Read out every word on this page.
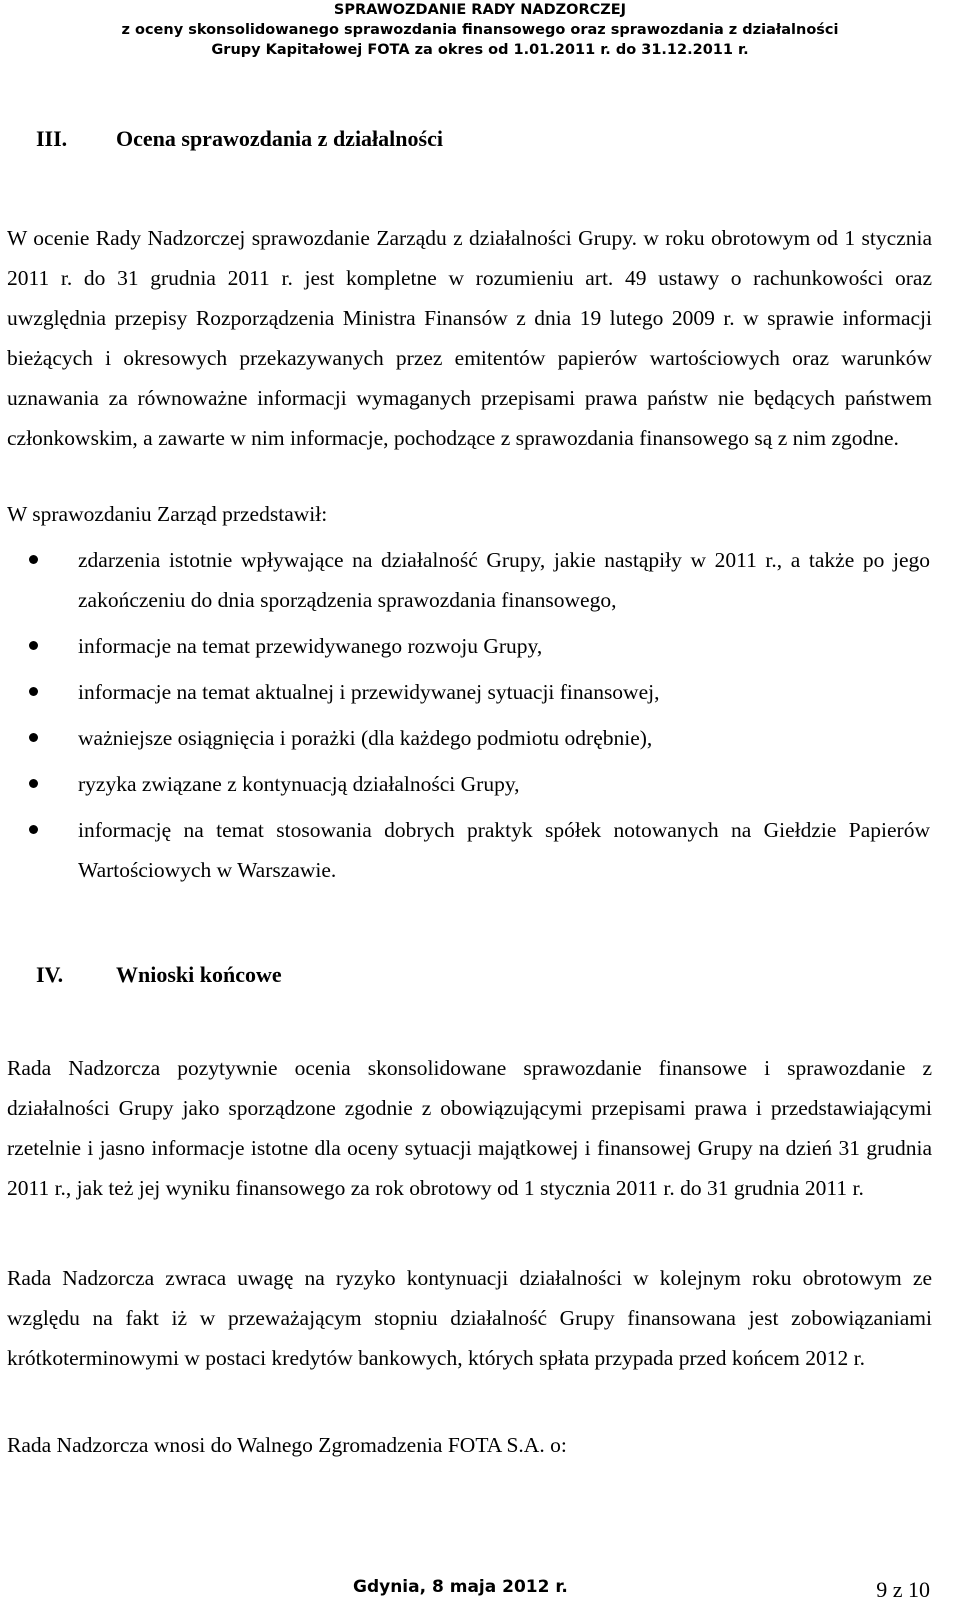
SPRAWOZDANIE RADY NADZORCZEJ
z oceny skonsolidowanego sprawozdania finansowego oraz sprawozdania z działalności
Grupy Kapitałowej FOTA za okres od 1.01.2011 r. do 31.12.2011 r.
III. Ocena sprawozdania z działalności

W ocenie Rady Nadzorczej sprawozdanie Zarządu z działalności Grupy. w roku obrotowym od 1 stycznia 2011 r. do 31 grudnia 2011 r. jest kompletne w rozumieniu art. 49 ustawy o rachunkowości oraz uwzględnia przepisy Rozporządzenia Ministra Finansów z dnia 19 lutego 2009 r. w sprawie informacji bieżących i okresowych przekazywanych przez emitentów papierów wartościowych oraz warunków uznawania za równoważne informacji wymaganych przepisami prawa państw nie będących państwem członkowskim, a zawarte w nim informacje, pochodzące z sprawozdania finansowego są z nim zgodne.

W sprawozdaniu Zarząd przedstawił:

zdarzenia istotnie wpływające na działalność Grupy, jakie nastąpiły w 2011 r., a także po jego zakończeniu do dnia sporządzenia sprawozdania finansowego,
informacje na temat przewidywanego rozwoju Grupy,
informacje na temat aktualnej i przewidywanej sytuacji finansowej,
ważniejsze osiągnięcia i porażki (dla każdego podmiotu odrębnie),
ryzyka związane z kontynuacją działalności Grupy,
informację na temat stosowania dobrych praktyk spółek notowanych na Giełdzie Papierów Wartościowych w Warszawie.
IV. Wnioski końcowe

Rada Nadzorcza pozytywnie ocenia skonsolidowane sprawozdanie finansowe i sprawozdanie z działalności Grupy jako sporządzone zgodnie z obowiązującymi przepisami prawa i przedstawiającymi rzetelnie i jasno informacje istotne dla oceny sytuacji majątkowej i finansowej Grupy na dzień 31 grudnia 2011 r., jak też jej wyniku finansowego za rok obrotowy od 1 stycznia 2011 r. do 31 grudnia 2011 r.

Rada Nadzorcza zwraca uwagę na ryzyko kontynuacji działalności w kolejnym roku obrotowym ze względu na fakt iż w przeważającym stopniu działalność Grupy finansowana jest zobowiązaniami krótkoterminowymi w postaci kredytów bankowych, których spłata przypada przed końcem 2012 r.

Rada Nadzorcza wnosi do Walnego Zgromadzenia FOTA S.A. o:

Gdynia, 8 maja 2012 r.	9 z 10
